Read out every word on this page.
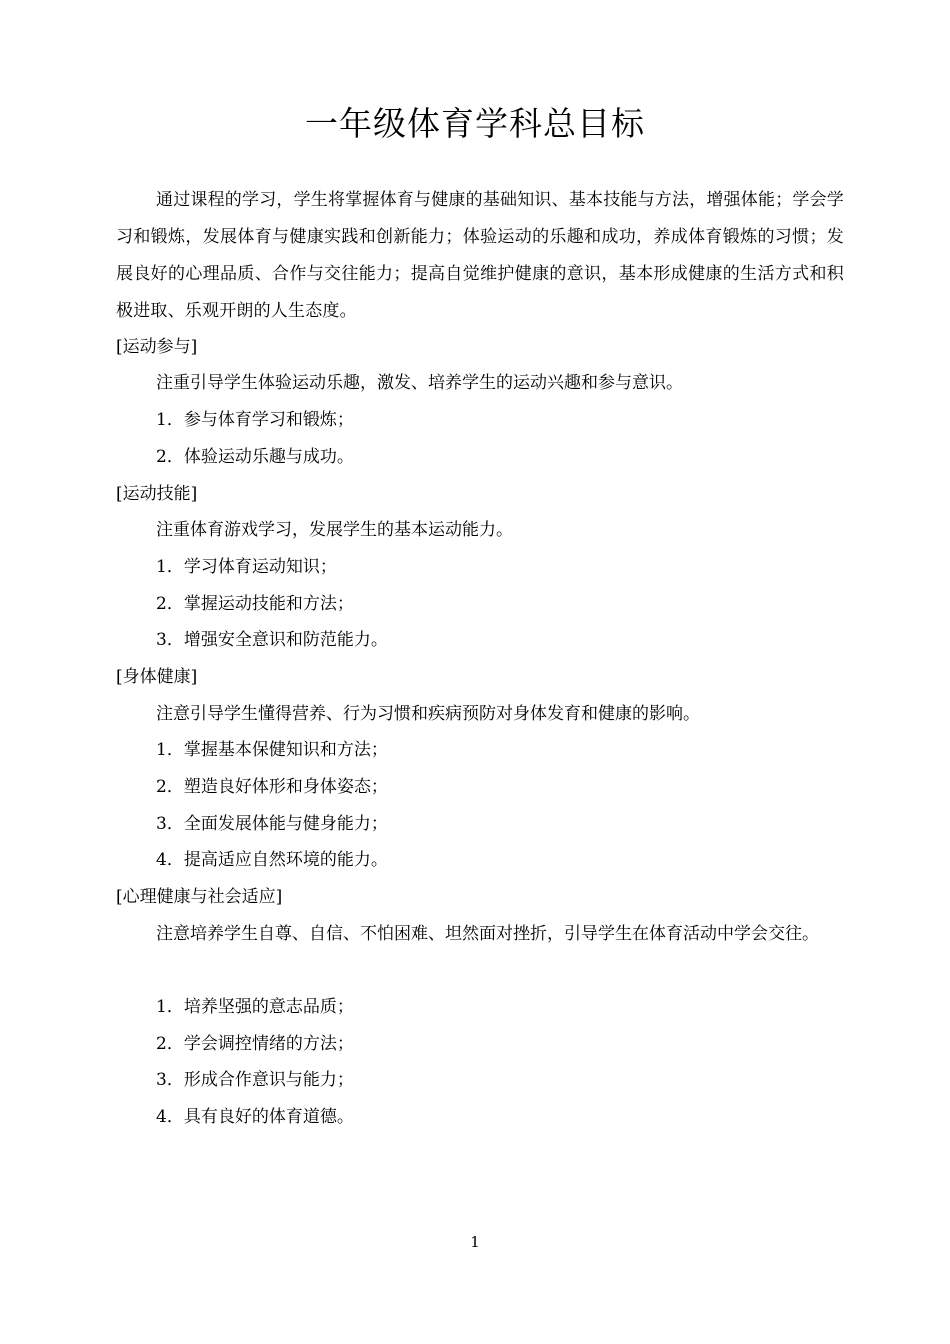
一年级体育学科总目标

通过课程的学习，学生将掌握体育与健康的基础知识、基本技能与方法，增强体能；学会学习和锻炼，发展体育与健康实践和创新能力；体验运动的乐趣和成功，养成体育锻炼的习惯；发展良好的心理品质、合作与交往能力；提高自觉维护健康的意识，基本形成健康的生活方式和积极进取、乐观开朗的人生态度。

[运动参与]

注重引导学生体验运动乐趣，激发、培养学生的运动兴趣和参与意识。

1．参与体育学习和锻炼；

2．体验运动乐趣与成功。

[运动技能]

注重体育游戏学习，发展学生的基本运动能力。

1．学习体育运动知识；

2．掌握运动技能和方法；

3．增强安全意识和防范能力。

[身体健康]

注意引导学生懂得营养、行为习惯和疾病预防对身体发育和健康的影响。

1．掌握基本保健知识和方法；

2．塑造良好体形和身体姿态；

3．全面发展体能与健身能力；

4．提高适应自然环境的能力。

[心理健康与社会适应]

注意培养学生自尊、自信、不怕困难、坦然面对挫折，引导学生在体育活动中学会交往。

1．培养坚强的意志品质；

2．学会调控情绪的方法；

3．形成合作意识与能力；

4．具有良好的体育道德。

1
